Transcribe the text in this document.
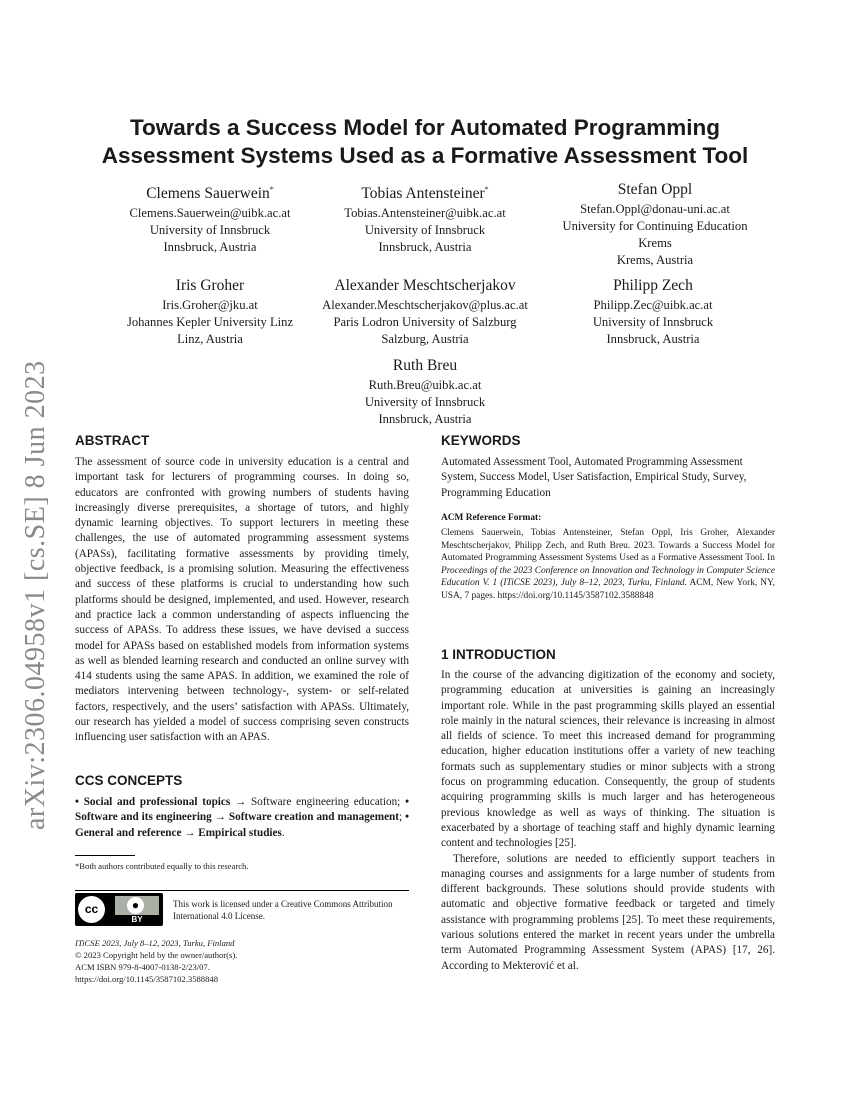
arXiv:2306.04958v1 [cs.SE] 8 Jun 2023
Towards a Success Model for Automated Programming
Assessment Systems Used as a Formative Assessment Tool
Clemens Sauerwein*
Clemens.Sauerwein@uibk.ac.at
University of Innsbruck
Innsbruck, Austria
Tobias Antensteiner*
Tobias.Antensteiner@uibk.ac.at
University of Innsbruck
Innsbruck, Austria
Stefan Oppl
Stefan.Oppl@donau-uni.ac.at
University for Continuing Education
Krems
Krems, Austria
Iris Groher
Iris.Groher@jku.at
Johannes Kepler University Linz
Linz, Austria
Alexander Meschtscherjakov
Alexander.Meschtscherjakov@plus.ac.at
Paris Lodron University of Salzburg
Salzburg, Austria
Philipp Zech
Philipp.Zec@uibk.ac.at
University of Innsbruck
Innsbruck, Austria
Ruth Breu
Ruth.Breu@uibk.ac.at
University of Innsbruck
Innsbruck, Austria
ABSTRACT
The assessment of source code in university education is a central and important task for lecturers of programming courses. In doing so, educators are confronted with growing numbers of students having increasingly diverse prerequisites, a shortage of tutors, and highly dynamic learning objectives. To support lecturers in meeting these challenges, the use of automated programming assessment systems (APASs), facilitating formative assessments by providing timely, objective feedback, is a promising solution. Measuring the effectiveness and success of these platforms is crucial to understanding how such platforms should be designed, implemented, and used. However, research and practice lack a common understanding of aspects influencing the success of APASs. To address these issues, we have devised a success model for APASs based on established models from information systems as well as blended learning research and conducted an online survey with 414 students using the same APAS. In addition, we examined the role of mediators intervening between technology-, system- or self-related factors, respectively, and the users’ satisfaction with APASs. Ultimately, our research has yielded a model of success comprising seven constructs influencing user satisfaction with an APAS.
CCS CONCEPTS
• Social and professional topics → Software engineering education; • Software and its engineering → Software creation and management; • General and reference → Empirical studies.
*Both authors contributed equally to this research.
cc	●
BY
This work is licensed under a Creative Commons Attribution International 4.0 License.
ITiCSE 2023, July 8–12, 2023, Turku, Finland
© 2023 Copyright held by the owner/author(s).
ACM ISBN 979-8-4007-0138-2/23/07.
https://doi.org/10.1145/3587102.3588848
KEYWORDS
Automated Assessment Tool, Automated Programming Assessment System, Success Model, User Satisfaction, Empirical Study, Survey, Programming Education
ACM Reference Format:
Clemens Sauerwein, Tobias Antensteiner, Stefan Oppl, Iris Groher, Alexander Meschtscherjakov, Philipp Zech, and Ruth Breu. 2023. Towards a Success Model for Automated Programming Assessment Systems Used as a Formative Assessment Tool. In Proceedings of the 2023 Conference on Innovation and Technology in Computer Science Education V. 1 (ITiCSE 2023), July 8–12, 2023, Turku, Finland. ACM, New York, NY, USA, 7 pages. https://doi.org/10.1145/3587102.3588848
1 INTRODUCTION

In the course of the advancing digitization of the economy and society, programming education at universities is gaining an increasingly important role. While in the past programming skills played an essential role mainly in the natural sciences, their relevance is increasing in almost all fields of science. To meet this increased demand for programming education, higher education institutions offer a variety of new teaching formats such as supplementary studies or minor subjects with a strong focus on programming education. Consequently, the group of students acquiring programming skills is much larger and has heterogeneous previous knowledge as well as ways of thinking. The situation is exacerbated by a shortage of teaching staff and highly dynamic learning content and technologies [25].

Therefore, solutions are needed to efficiently support teachers in managing courses and assignments for a large number of students from different backgrounds. These solutions should provide students with automatic and objective formative feedback or targeted and timely assistance with programming problems [25]. To meet these requirements, various solutions entered the market in recent years under the umbrella term Automated Programming Assessment System (APAS) [17, 26]. According to Mekterović et al.
